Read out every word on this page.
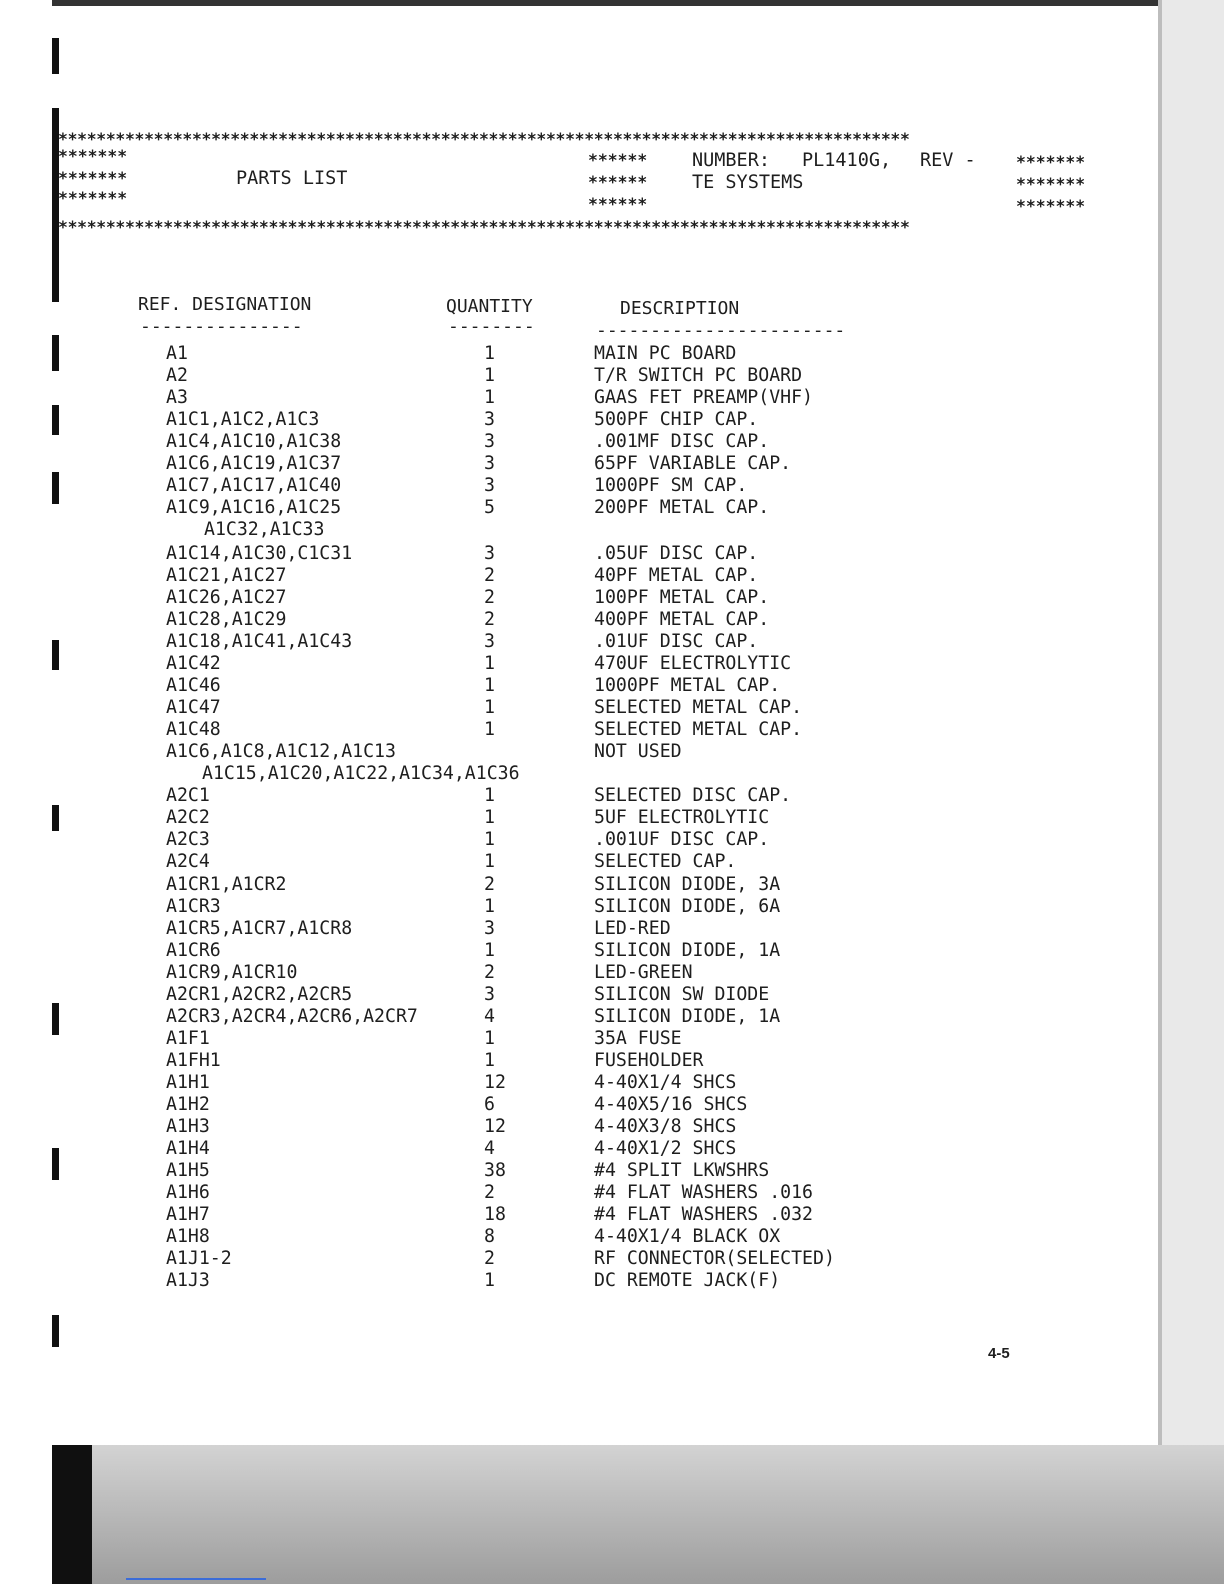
*****************************************************************************************
*******	****** NUMBER: PL1410G, REV - *******
*******	PARTS LIST	****** TE SYSTEMS	*******
*******	******	*******
*****************************************************************************************
REF. DESIGNATION	QUANTITY	DESCRIPTION
---------------	--------	-----------------------
A1	1	MAIN PC BOARD
A2	1	T/R SWITCH PC BOARD
A3	1	GAAS FET PREAMP(VHF)
A1C1,A1C2,A1C3	3	500PF CHIP CAP.
A1C4,A1C10,A1C38	3	.001MF DISC CAP.
A1C6,A1C19,A1C37	3	65PF VARIABLE CAP.
A1C7,A1C17,A1C40	3	1000PF SM CAP.
A1C9,A1C16,A1C25	5	200PF METAL CAP.
A1C32,A1C33
A1C14,A1C30,C1C31	3	.05UF DISC CAP.
A1C21,A1C27	2	40PF METAL CAP.
A1C26,A1C27	2	100PF METAL CAP.
A1C28,A1C29	2	400PF METAL CAP.
A1C18,A1C41,A1C43	3	.01UF DISC CAP.
A1C42	1	470UF ELECTROLYTIC
A1C46	1	1000PF METAL CAP.
A1C47	1	SELECTED METAL CAP.
A1C48	1	SELECTED METAL CAP.
A1C6,A1C8,A1C12,A1C13	NOT USED
A1C15,A1C20,A1C22,A1C34,A1C36
A2C1	1	SELECTED DISC CAP.
A2C2	1	5UF ELECTROLYTIC
A2C3	1	.001UF DISC CAP.
A2C4	1	SELECTED CAP.
A1CR1,A1CR2	2	SILICON DIODE, 3A
A1CR3	1	SILICON DIODE, 6A
A1CR5,A1CR7,A1CR8	3	LED-RED
A1CR6	1	SILICON DIODE, 1A
A1CR9,A1CR10	2	LED-GREEN
A2CR1,A2CR2,A2CR5	3	SILICON SW DIODE
A2CR3,A2CR4,A2CR6,A2CR7	4	SILICON DIODE, 1A
A1F1	1	35A FUSE
A1FH1	1	FUSEHOLDER
A1H1	12	4-40X1/4 SHCS
A1H2	6	4-40X5/16 SHCS
A1H3	12	4-40X3/8 SHCS
A1H4	4	4-40X1/2 SHCS
A1H5	38	#4 SPLIT LKWSHRS
A1H6	2	#4 FLAT WASHERS .016
A1H7	18	#4 FLAT WASHERS .032
A1H8	8	4-40X1/4 BLACK OX
A1J1-2	2	RF CONNECTOR(SELECTED)
A1J3	1	DC REMOTE JACK(F)
4-5
